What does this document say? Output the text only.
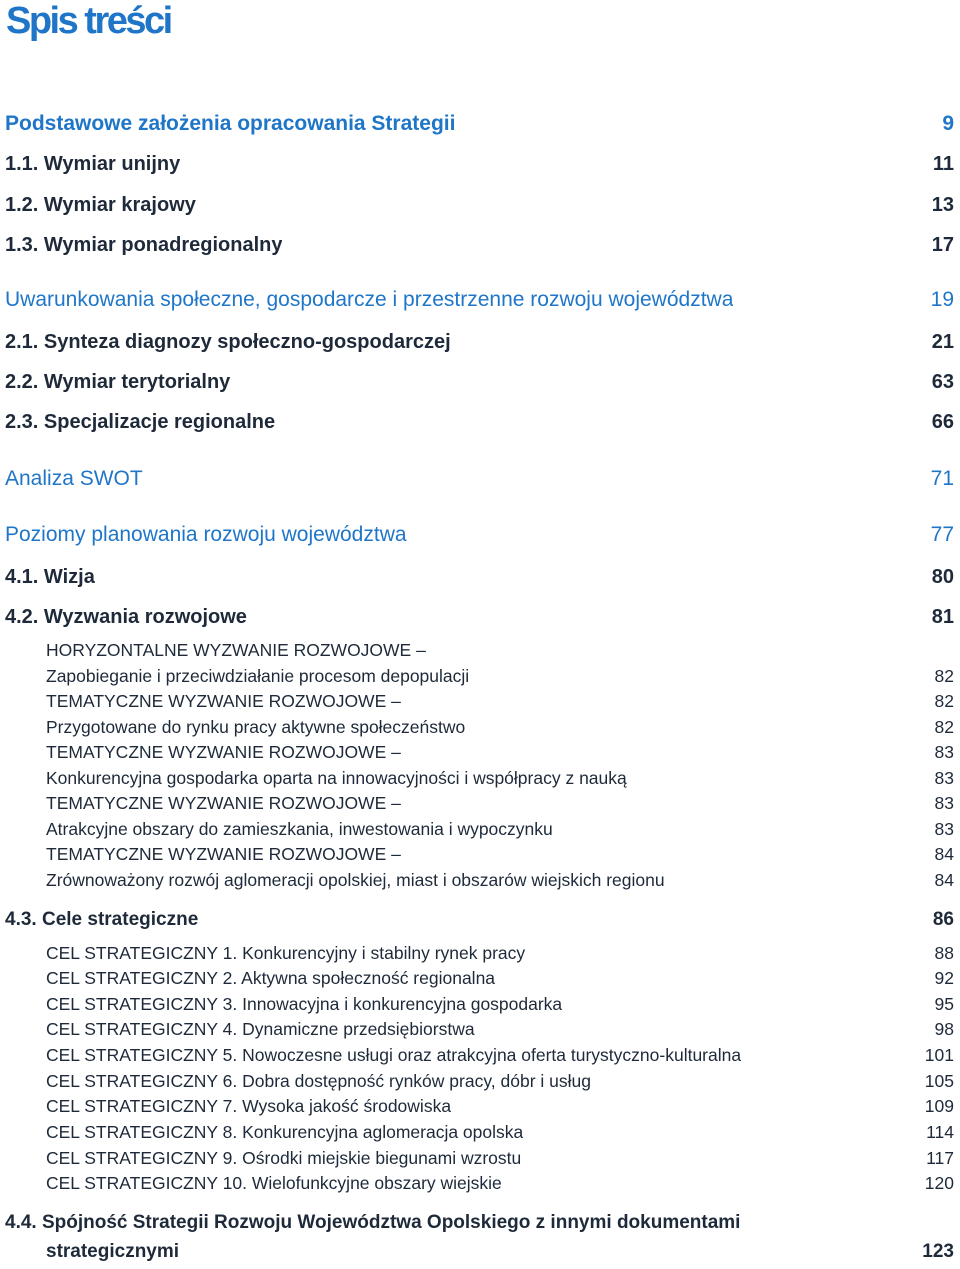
Spis treści
Podstawowe założenia opracowania Strategii	9
1.1. Wymiar unijny	11
1.2. Wymiar krajowy	13
1.3. Wymiar ponadregionalny	17
Uwarunkowania społeczne, gospodarcze i przestrzenne rozwoju województwa	19
2.1. Synteza diagnozy społeczno-gospodarczej	21
2.2. Wymiar terytorialny	63
2.3. Specjalizacje regionalne	66
Analiza SWOT	71
Poziomy planowania rozwoju województwa	77
4.1. Wizja	80
4.2. Wyzwania rozwojowe	81
HORYZONTALNE WYZWANIE ROZWOJOWE –
Zapobieganie i przeciwdziałanie procesom depopulacji	82
TEMATYCZNE WYZWANIE ROZWOJOWE –	82
Przygotowane do rynku pracy aktywne społeczeństwo	82
TEMATYCZNE WYZWANIE ROZWOJOWE –	83
Konkurencyjna gospodarka oparta na innowacyjności i współpracy z nauką	83
TEMATYCZNE WYZWANIE ROZWOJOWE –	83
Atrakcyjne obszary do zamieszkania, inwestowania i wypoczynku	83
TEMATYCZNE WYZWANIE ROZWOJOWE –	84
Zrównoważony rozwój aglomeracji opolskiej, miast i obszarów wiejskich regionu	84
4.3. Cele strategiczne	86
CEL STRATEGICZNY 1. Konkurencyjny i stabilny rynek pracy	88
CEL STRATEGICZNY 2. Aktywna społeczność regionalna	92
CEL STRATEGICZNY 3. Innowacyjna i konkurencyjna gospodarka	95
CEL STRATEGICZNY 4. Dynamiczne przedsiębiorstwa	98
CEL STRATEGICZNY 5. Nowoczesne usługi oraz atrakcyjna oferta turystyczno-kulturalna	101
CEL STRATEGICZNY 6. Dobra dostępność rynków pracy, dóbr i usług	105
CEL STRATEGICZNY 7. Wysoka jakość środowiska	109
CEL STRATEGICZNY 8. Konkurencyjna aglomeracja opolska	114
CEL STRATEGICZNY 9. Ośrodki miejskie biegunami wzrostu	117
CEL STRATEGICZNY 10. Wielofunkcyjne obszary wiejskie	120
4.4. Spójność Strategii Rozwoju Województwa Opolskiego z innymi dokumentami
strategicznymi	123
